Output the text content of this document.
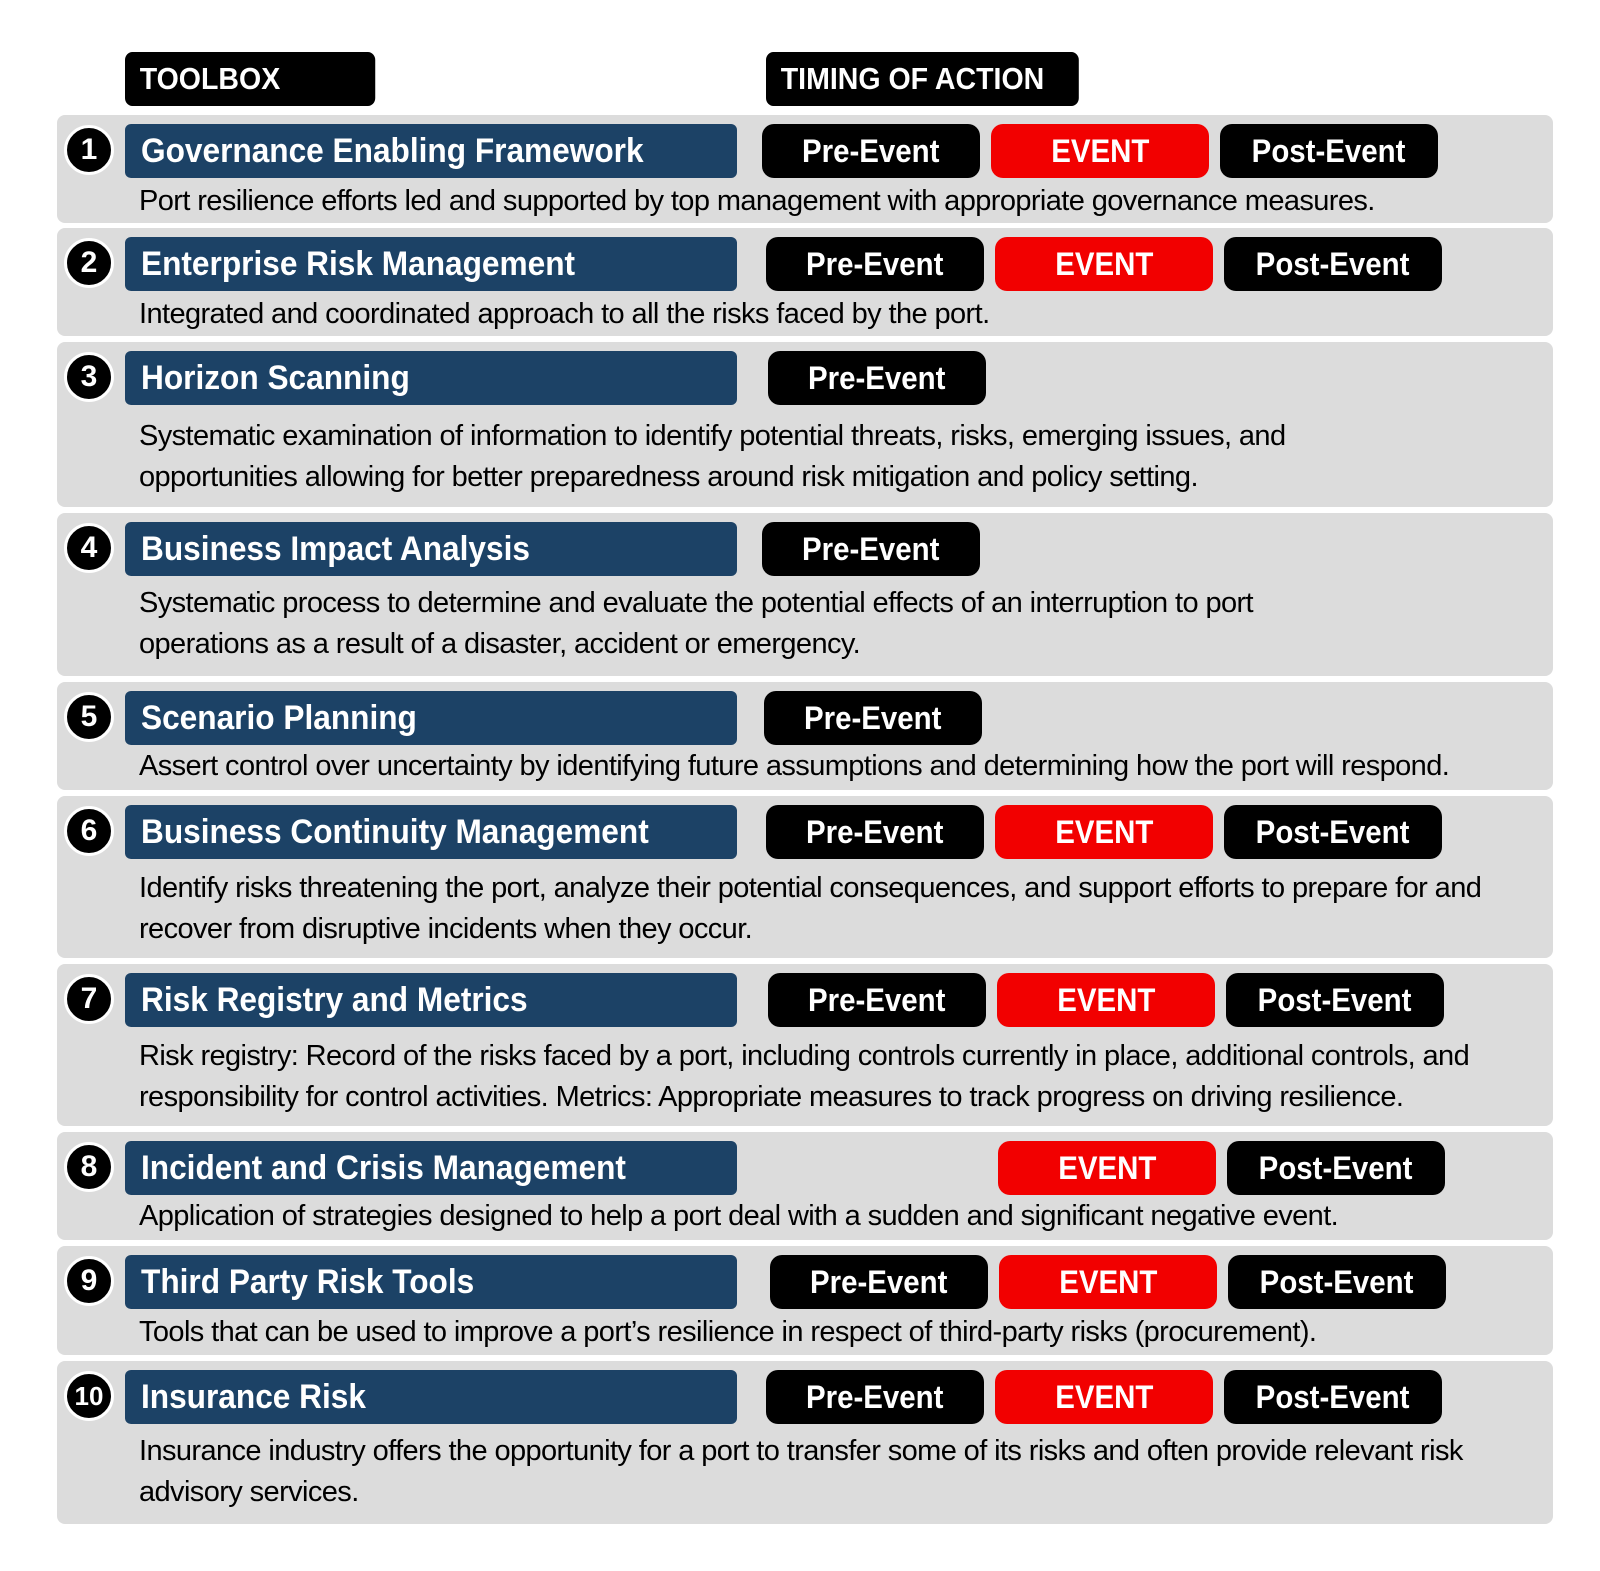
TOOLBOX	TIMING OF ACTION
1	Governance Enabling Framework	Pre-Event	EVENT	Post-Event
Port resilience efforts led and supported by top management with appropriate governance measures.
2	Enterprise Risk Management	Pre-Event	EVENT	Post-Event
Integrated and coordinated approach to all the risks faced by the port.
3	Horizon Scanning	Pre-Event
Systematic examination of information to identify potential threats, risks, emerging issues, and
opportunities allowing for better preparedness around risk mitigation and policy setting.
4	Business Impact Analysis	Pre-Event
Systematic process to determine and evaluate the potential effects of an interruption to port
operations as a result of a disaster, accident or emergency.
5	Scenario Planning	Pre-Event
Assert control over uncertainty by identifying future assumptions and determining how the port will respond.
6	Business Continuity Management	Pre-Event	EVENT	Post-Event
Identify risks threatening the port, analyze their potential consequences, and support efforts to prepare for and
recover from disruptive incidents when they occur.
7	Risk Registry and Metrics	Pre-Event	EVENT	Post-Event
Risk registry: Record of the risks faced by a port, including controls currently in place, additional controls, and
responsibility for control activities. Metrics: Appropriate measures to track progress on driving resilience.
8	Incident and Crisis Management	EVENT	Post-Event
Application of strategies designed to help a port deal with a sudden and significant negative event.
9	Third Party Risk Tools	Pre-Event	EVENT	Post-Event
Tools that can be used to improve a port’s resilience in respect of third-party risks (procurement).
10	Insurance Risk	Pre-Event	EVENT	Post-Event
Insurance industry offers the opportunity for a port to transfer some of its risks and often provide relevant risk
advisory services.
